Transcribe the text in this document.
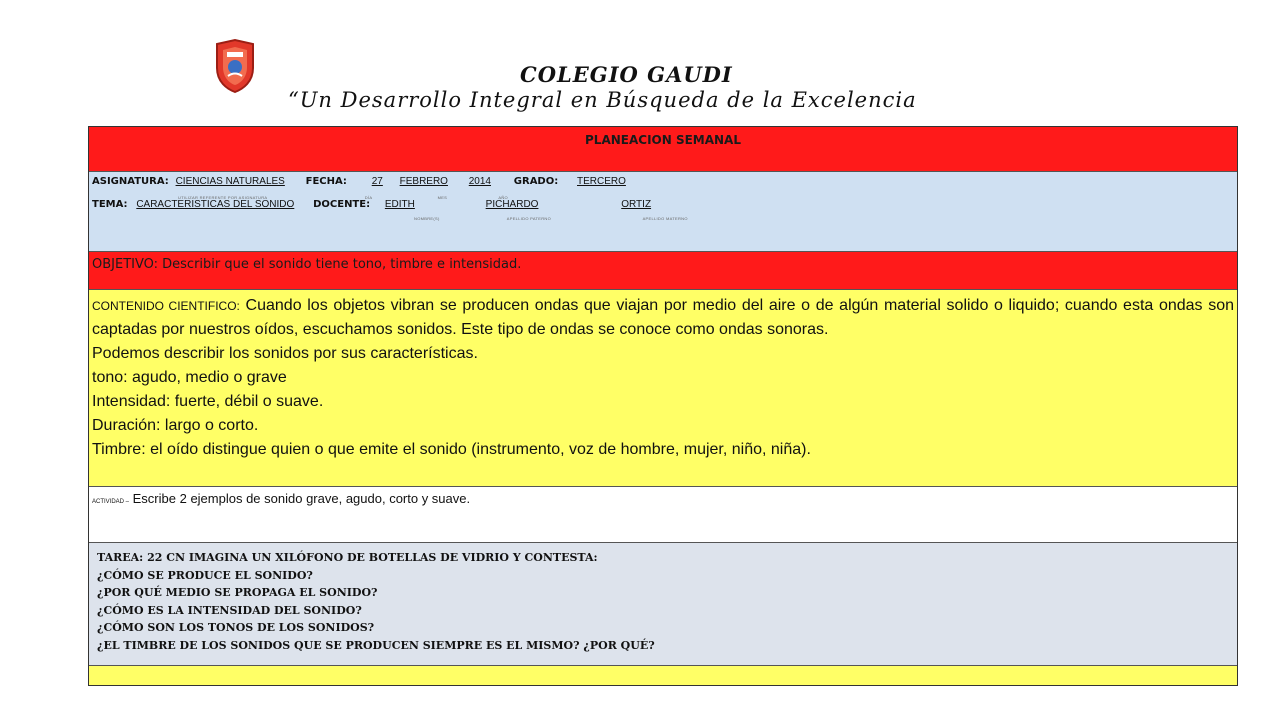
COLEGIO GAUDI
“Un Desarrollo Integral en Búsqueda de la Excelencia
PLANEACION SEMANAL
ASIGNATURA: CIENCIAS NATURALES FECHA: 27 FEBRERO 2014 GRADO: TERCERO
UTILIZAR REFERENTE POR ASIGNATURA	DÍA	MES	AÑO
TEMA: CARACTERISTICAS DEL SONIDO DOCENTE: EDITH	PICHARDO	ORTIZ
NOMBRE(S)	APELLIDO PATERNO	APELLIDO MATERNO
OBJETIVO: Describir que el sonido tiene tono, timbre e intensidad.

CONTENIDO CIENTIFICO: Cuando los objetos vibran se producen ondas que viajan por medio del aire o de algún material solido o liquido; cuando esta ondas son captadas por nuestros oídos, escuchamos sonidos. Este tipo de ondas se conoce como ondas sonoras.

Podemos describir los sonidos por sus características.

tono: agudo, medio o grave

Intensidad: fuerte, débil o suave.

Duración: largo o corto.

Timbre: el oído distingue quien o que emite el sonido (instrumento, voz de hombre, mujer, niño, niña).

ACTIVIDAD – Escribe 2 ejemplos de sonido grave, agudo, corto y suave.

TAREA: 22 CN IMAGINA UN XILÓFONO DE BOTELLAS DE VIDRIO Y CONTESTA:

¿CÓMO SE PRODUCE EL SONIDO?

¿POR QUÉ MEDIO SE PROPAGA EL SONIDO?

¿CÓMO ES LA INTENSIDAD DEL SONIDO?

¿CÓMO SON LOS TONOS DE LOS SONIDOS?

¿EL TIMBRE DE LOS SONIDOS QUE SE PRODUCEN SIEMPRE ES EL MISMO? ¿POR QUÉ?
